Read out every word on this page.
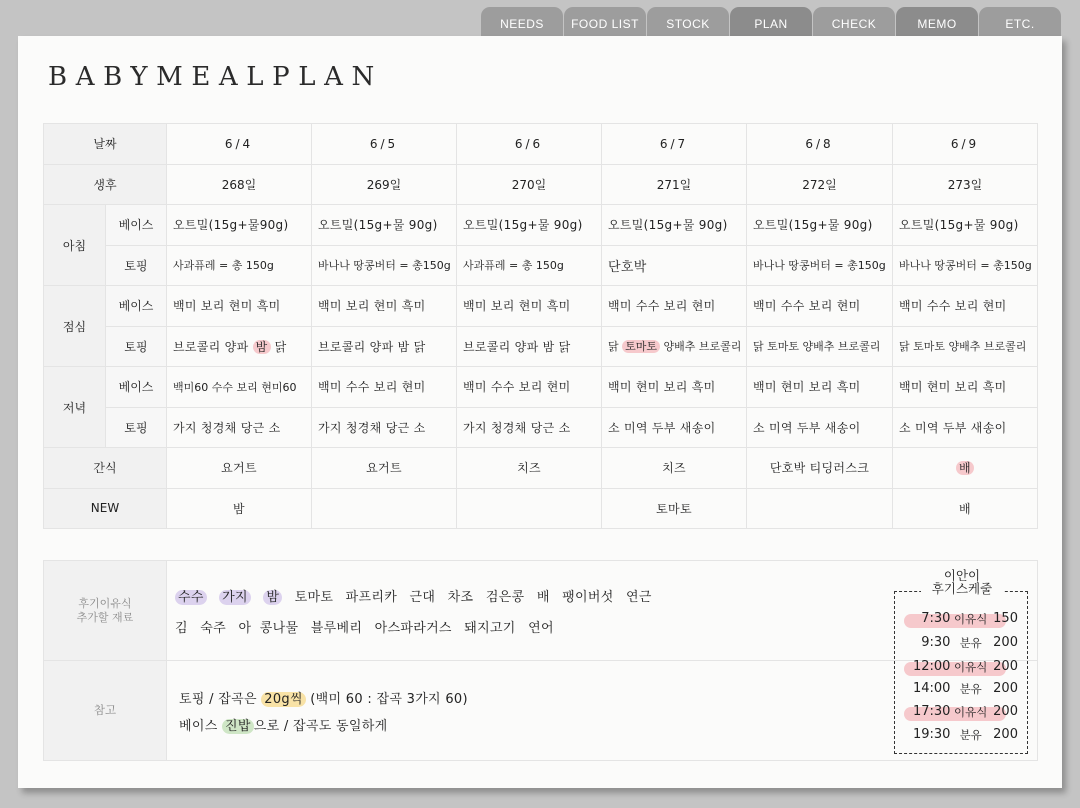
NEEDS	FOOD LIST	STOCK	PLAN	CHECK	MEMO	ETC.
BABYMEALPLAN
날짜		6/4	6/5	6/6	6/7	6/8	6/9
생후		268일	269일	270일	271일	272일	273일
아침	베이스	오트밀(15g+물90g)	오트밀(15g+물 90g)	오트밀(15g+물 90g)	오트밀(15g+물 90g)	오트밀(15g+물 90g)	오트밀(15g+물 90g)
	토핑	사과퓨레 = 총 150g	바나나 땅콩버터 = 총150g	사과퓨레 = 총 150g	단호박	바나나 땅콩버터 = 총150g	바나나 땅콩버터 = 총150g
점심	베이스	백미 보리 현미 흑미	백미 보리 현미 흑미	백미 보리 현미 흑미	백미 수수 보리 현미	백미 수수 보리 현미	백미 수수 보리 현미
	토핑	브로콜리 양파 밤 닭	브로콜리 양파 밤 닭	브로콜리 양파 밤 닭	닭 토마토 양배추 브로콜리	닭 토마토 양배추 브로콜리	닭 토마토 양배추 브로콜리
저녁	베이스	백미60 수수 보리 현미60	백미 수수 보리 현미	백미 수수 보리 현미	백미 현미 보리 흑미	백미 현미 보리 흑미	백미 현미 보리 흑미
	토핑	가지 청경채 당근 소	가지 청경채 당근 소	가지 청경채 당근 소	소 미역 두부 새송이	소 미역 두부 새송이	소 미역 두부 새송이
간식		요거트	요거트	치즈	치즈	단호박 티딩러스크	배
NEW		밤			토마토		배
후기이유식 추가할 재료	수수 가지 밤 토마토 파프리카 근대 차조 검은콩 배 팽이버섯 연근
김 숙주 아 콩나물 블루베리 아스파라거스 돼지고기 연어

참고	토핑 / 잡곡은 20g씩 (백미 60 : 잡곡 3가지 60)
베이스 진밥 으로 / 잡곡도 동일하게
이안이
후기스케줄
7:30 이유식 150
9:30 분유 200
12:00 이유식 200
14:00 분유 200
17:30 이유식 200
19:30 분유 200
